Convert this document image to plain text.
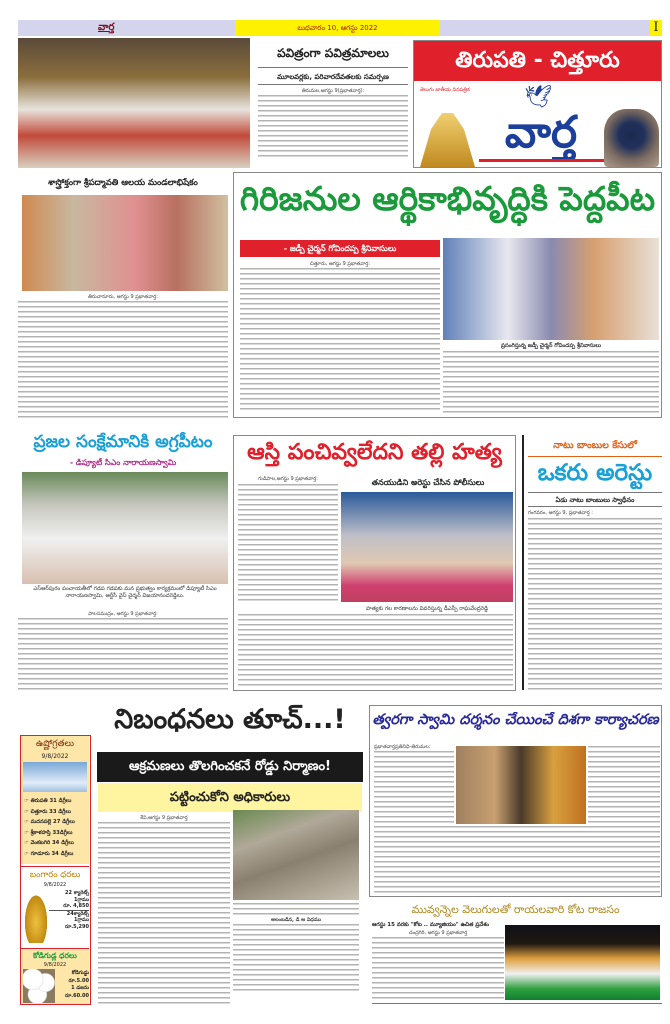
వార్త	బుధవారం 10, ఆగస్టు 2022	I
పవిత్రంగా పవిత్రమాలలు
మూలవర్లకు, పరివారదేవతలకు సమర్పణ
తిరుమల,ఆగస్టు 9(ప్రభాతవార్త):
తిరుపతి - చిత్తూరు
🕊
తెలుగు జాతీయ దినపత్రిక
వార్త
శాస్త్రోక్తంగా శ్రీపద్మావతి ఆలయ మండలాభిషేకం
తిరుచానూరు, ఆగస్టు 9 ప్రభాతవార్త:
గిరిజనుల ఆర్థికాభివృద్ధికి పెద్దపీట
- జడ్పీ చైర్మన్ గోవిందప్ప శ్రీనివాసులు
చిత్తూరు, ఆగస్టు 9 ప్రభాతవార్త:
ప్రసంగిస్తున్న జడ్పీ చైర్మన్ గోవిందప్ప శ్రీనివాసులు
ప్రజల సంక్షేమానికి అగ్రపీటం
- డిప్యూటీ సిఎం నారాయణస్వామి
ఎస్ఆర్‌పురం పంచాయతీలో గడప గడపకు మన ప్రభుత్వం కార్యక్రమంలో డిప్యూటీ సిఎం నారాయణస్వామి, ఆర్టీసీ వైస్ చైర్మన్ విజయానందరెడ్డిలు.
పాలసముద్రం, ఆగస్టు 9 ప్రభాతవార్త:
ఆస్తి పంచివ్వలేదని తల్లి హత్య
గుడిపాల,ఆగస్టు 9 ప్రభాతవార్త:	తనయుడిని అరెస్టు చేసిన పోలీసులు
హత్యకు గల కారణాలను వివరిస్తున్న డీఎస్పీ రాఘవేంద్రరెడ్డి
నాటు బాంబుల కేసులో
ఒకరు అరెస్టు
ఏడు నాటు బాంబులు స్వాధీనం
గంగవరం, ఆగస్టు 9, ప్రభాతవార్త :
నిబంధనలు తూచ్...!
ఉష్ణోగ్రతలు
9/8/2022
☞ తిరుపతి 31 డిగ్రీలు
☞ చిత్తూరు 33 డిగ్రీలు
☞ మదనపల్లె 27 డిగ్రీలు
☞ శ్రీకాళహస్తి 33డిగ్రీలు
☞ వెంకటగిరి 34 డిగ్రీలు
☞ గూడూరు 34 డిగ్రీలు
బంగారం ధరలు
9/8/2022
22 క్యారెట్స్
1గ్రాము
రూ. 4,850
24క్యారెట్స్
1గ్రాము
రూ.5,290
కోడిగుడ్ల ధరలు
9/8/2022
కోడిగుడ్డు
రూ.5.00
1 డజను
రూ.60.00
ఆక్రమణలు తొలగించకనే రోడ్డు నిర్మాణం!
పట్టించుకోని అధికారులు
కేవి,ఆగస్టు 9 ప్రభాతవార్త
అలంబడిన, డి ఆ విధము
త్వరగా స్వామి దర్శనం చేయించే దిశగా కార్యాచరణ
ప్రభాతవార్తప్రతినిధి-తిరుమల:
మువ్వన్నెల వెలుగులతో రాయలవారి కోట రాజసం
ఆగస్టు 15 వరకు "కోట .. మ్యూజియం" ఉచిత ప్రవేశం
చంద్రగిరి, ఆగస్టు 9 ప్రభాతవార్త
